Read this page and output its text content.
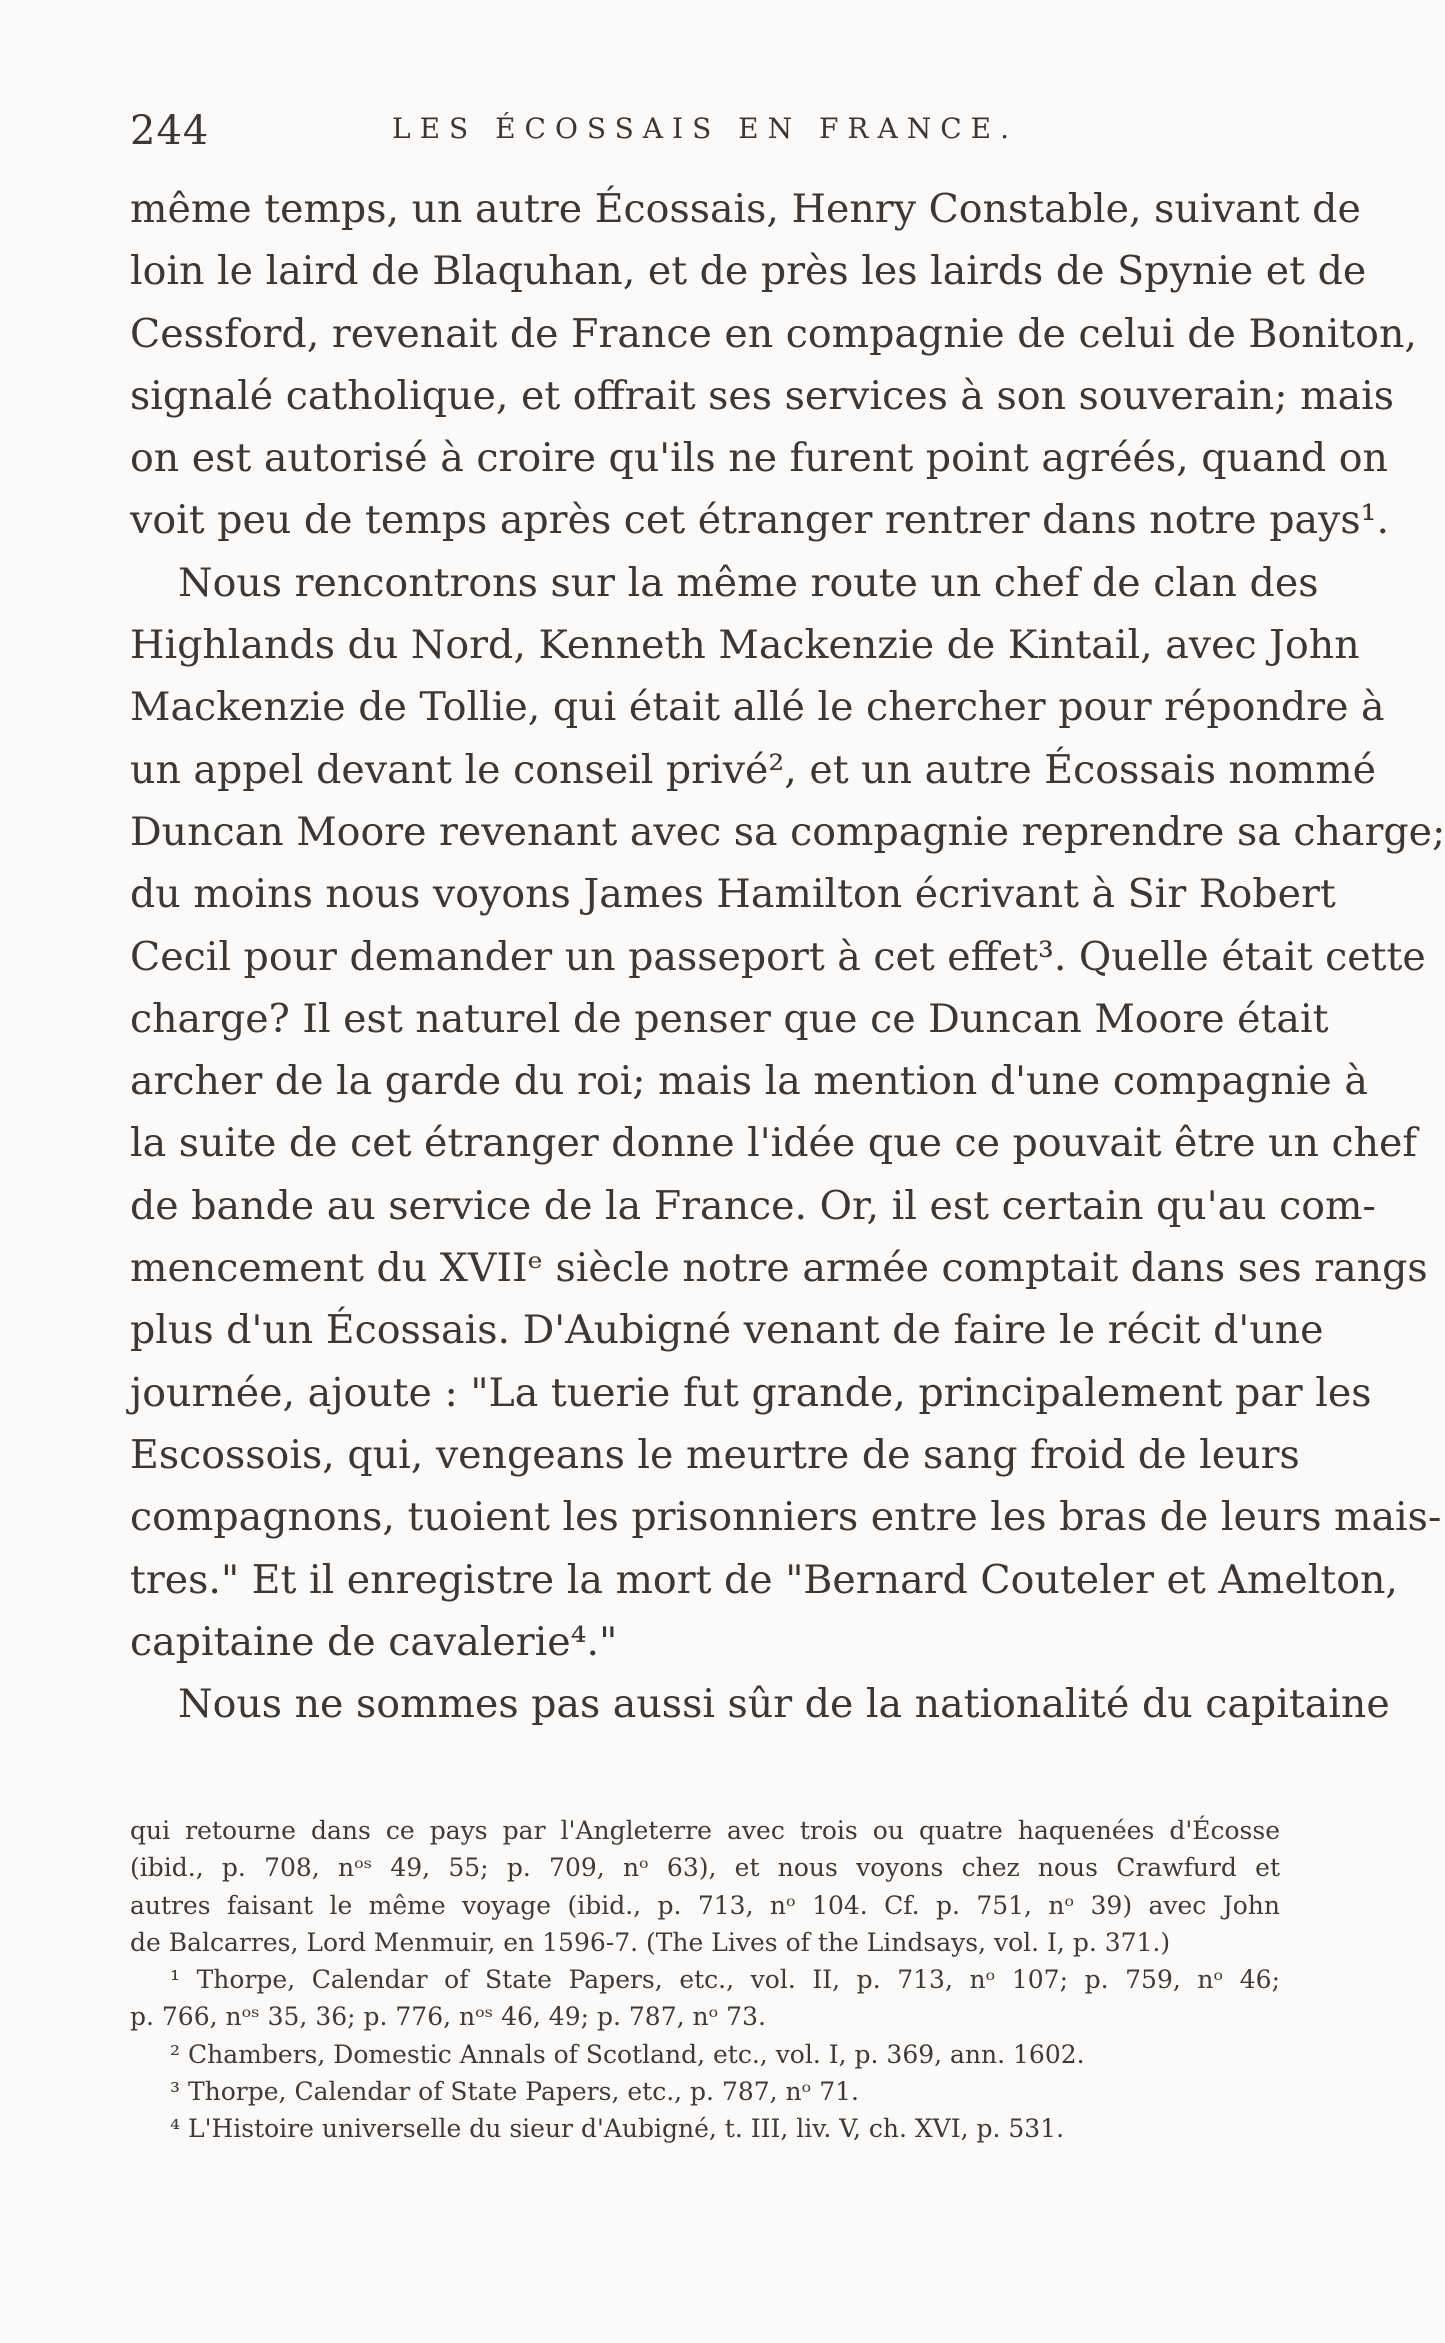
244	LES ÉCOSSAIS EN FRANCE.
même temps, un autre Écossais, Henry Constable, suivant de
loin le laird de Blaquhan, et de près les lairds de Spynie et de
Cessford, revenait de France en compagnie de celui de Boniton,
signalé catholique, et offrait ses services à son souverain; mais
on est autorisé à croire qu'ils ne furent point agréés, quand on
voit peu de temps après cet étranger rentrer dans notre pays¹.
Nous rencontrons sur la même route un chef de clan des
Highlands du Nord, Kenneth Mackenzie de Kintail, avec John
Mackenzie de Tollie, qui était allé le chercher pour répondre à
un appel devant le conseil privé², et un autre Écossais nommé
Duncan Moore revenant avec sa compagnie reprendre sa charge;
du moins nous voyons James Hamilton écrivant à Sir Robert
Cecil pour demander un passeport à cet effet³. Quelle était cette
charge? Il est naturel de penser que ce Duncan Moore était
archer de la garde du roi; mais la mention d'une compagnie à
la suite de cet étranger donne l'idée que ce pouvait être un chef
de bande au service de la France. Or, il est certain qu'au com-
mencement du XVIIᵉ siècle notre armée comptait dans ses rangs
plus d'un Écossais. D'Aubigné venant de faire le récit d'une
journée, ajoute : "La tuerie fut grande, principalement par les
Escossois, qui, vengeans le meurtre de sang froid de leurs
compagnons, tuoient les prisonniers entre les bras de leurs mais-
tres." Et il enregistre la mort de "Bernard Couteler et Amelton,
capitaine de cavalerie⁴."
Nous ne sommes pas aussi sûr de la nationalité du capitaine
qui retourne dans ce pays par l'Angleterre avec trois ou quatre haquenées d'Écosse
(ibid., p. 708, nᵒˢ 49, 55; p. 709, nᵒ 63), et nous voyons chez nous Crawfurd et
autres faisant le même voyage (ibid., p. 713, nᵒ 104. Cf. p. 751, nᵒ 39) avec John
de Balcarres, Lord Menmuir, en 1596-7. (The Lives of the Lindsays, vol. I, p. 371.)
¹ Thorpe, Calendar of State Papers, etc., vol. II, p. 713, nᵒ 107; p. 759, nᵒ 46;
p. 766, nᵒˢ 35, 36; p. 776, nᵒˢ 46, 49; p. 787, nᵒ 73.
² Chambers, Domestic Annals of Scotland, etc., vol. I, p. 369, ann. 1602.
³ Thorpe, Calendar of State Papers, etc., p. 787, nᵒ 71.
⁴ L'Histoire universelle du sieur d'Aubigné, t. III, liv. V, ch. XVI, p. 531.
